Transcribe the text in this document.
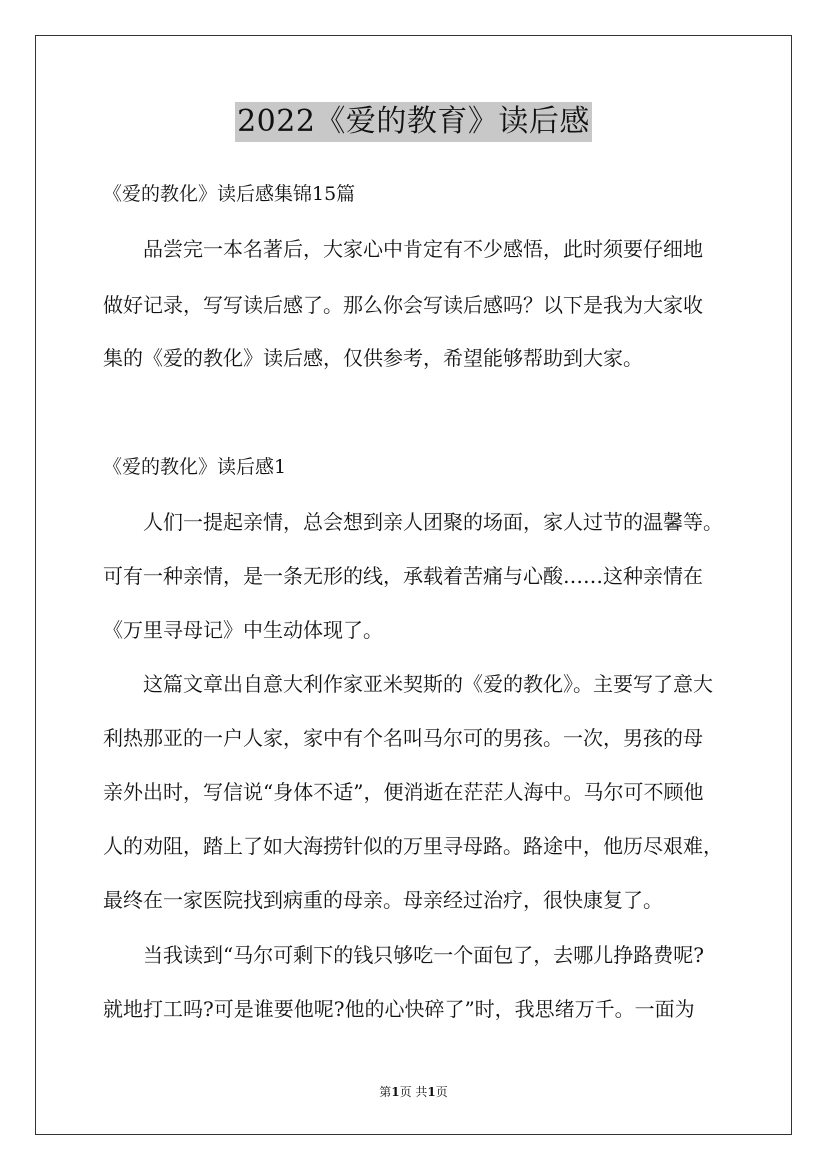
2022《爱的教育》读后感
《爱的教化》读后感集锦15篇
品尝完一本名著后，大家心中肯定有不少感悟，此时须要仔细地
做好记录，写写读后感了。那么你会写读后感吗？以下是我为大家收
集的《爱的教化》读后感，仅供参考，希望能够帮助到大家。
《爱的教化》读后感1
人们一提起亲情，总会想到亲人团聚的场面，家人过节的温馨等。
可有一种亲情，是一条无形的线，承载着苦痛与心酸……这种亲情在
《万里寻母记》中生动体现了。
这篇文章出自意大利作家亚米契斯的《爱的教化》。主要写了意大
利热那亚的一户人家，家中有个名叫马尔可的男孩。一次，男孩的母
亲外出时，写信说“身体不适”，便消逝在茫茫人海中。马尔可不顾他
人的劝阻，踏上了如大海捞针似的万里寻母路。路途中，他历尽艰难，
最终在一家医院找到病重的母亲。母亲经过治疗，很快康复了。
当我读到“马尔可剩下的钱只够吃一个面包了，去哪儿挣路费呢?
就地打工吗?可是谁要他呢?他的心快碎了”时，我思绪万千。一面为
第1页 共1页
